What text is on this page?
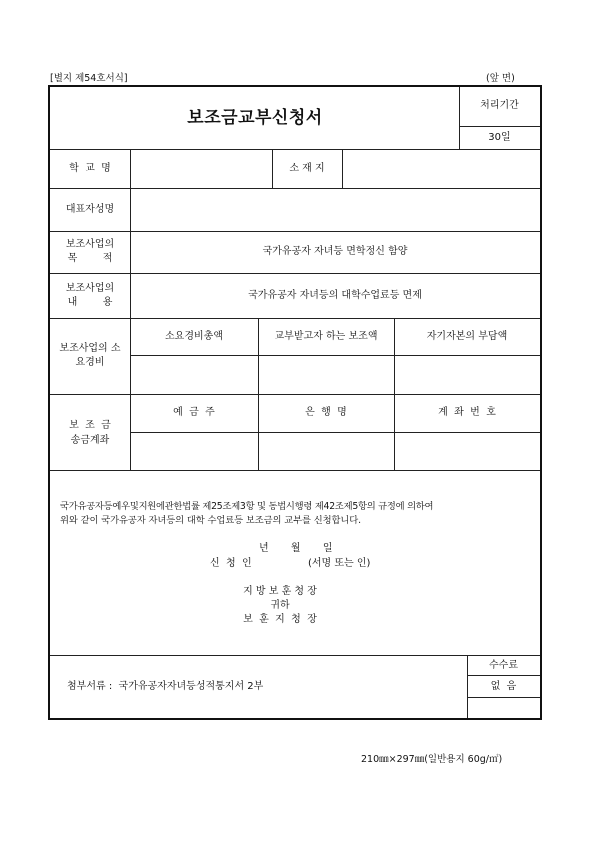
[별지 제54호서식]	(앞 면)
보조금교부신청서
처리기간
30일
학  교  명	소 재 지
대표자성명
보조사업의
목        적
국가유공자 자녀등 면학정신 함양
보조사업의
내        용
국가유공자 자녀등의 대학수업료등 면제
보조사업의 소
요경비
소요경비총액	교부받고자 하는 보조액	자기자본의 부담액
보  조  금
송금계좌
예  금  주	은  행  명	계  좌  번  호
국가유공자등예우및지원에관한법률 제25조제3항 및 동법시행령 제42조제5항의 규정에 의하여
위와 같이 국가유공자 자녀등의 대학 수업료등 보조금의 교부를 신청합니다.
년       월       일
신  청  인	(서명 또는 인)
지 방 보 훈 청 장
귀하
보  훈  지  청  장
첨부서류 :  국가유공자자녀등성적통지서 2부
수수료
없  음
210㎜×297㎜(일반용지 60g/㎡)
